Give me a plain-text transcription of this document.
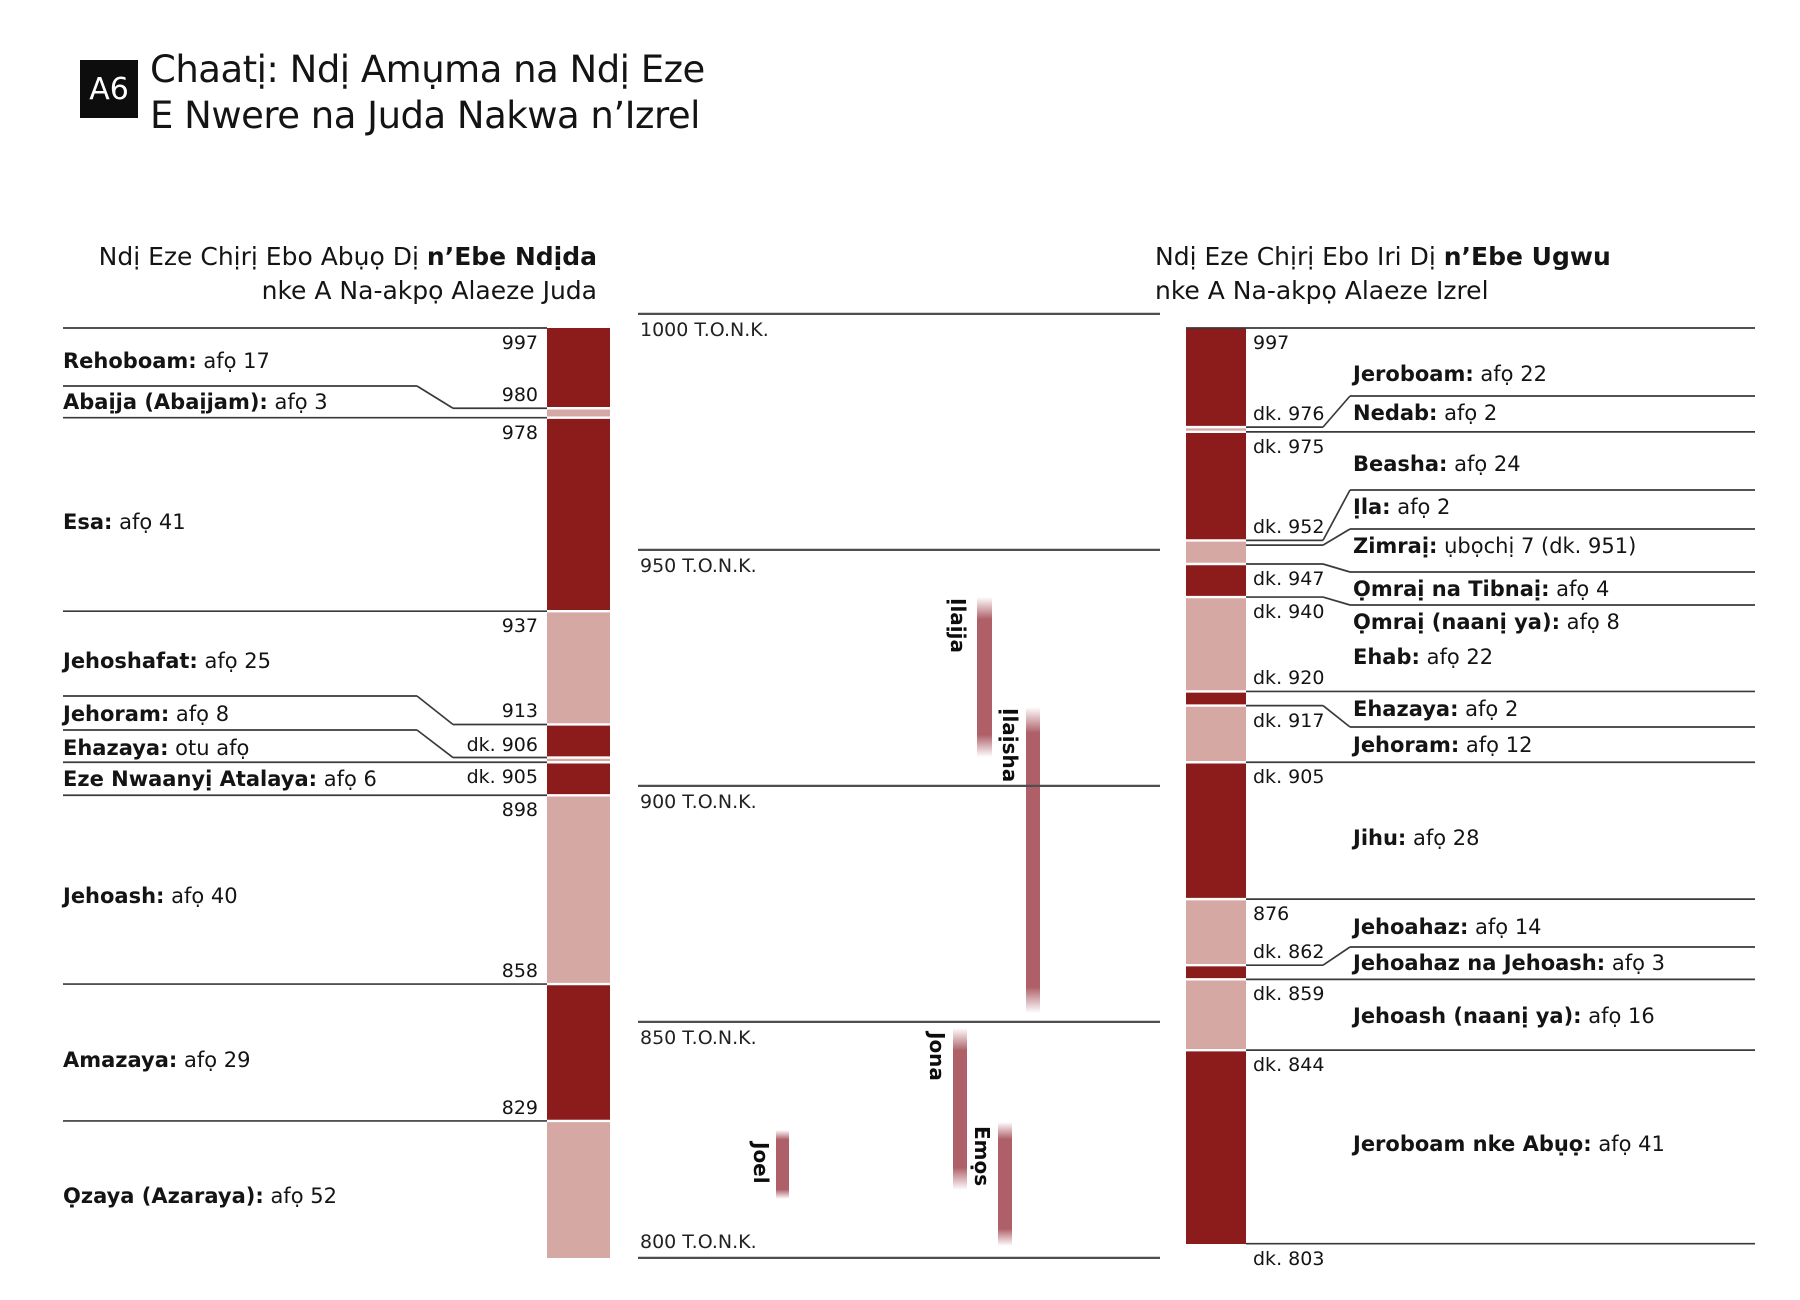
A6 Chaatị: Ndị Amụma na Ndị Eze
E Nwere na Juda Nakwa n’Izrel
Ndị Eze Chịrị Ebo Abụọ Dị n’Ebe Ndịda
nke A Na-akpọ Alaeze Juda
Ndị Eze Chịrị Ebo Iri Dị n’Ebe Ugwu
nke A Na-akpọ Alaeze Izrel
Ịlaịja
Ịlaịsha
Jona
Joel	Emọs
1000 T.O.N.K.
950 T.O.N.K.
900 T.O.N.K.
850 T.O.N.K.
800 T.O.N.K.
997
Rehoboam: afọ 17
980
Abaịja (Abaịjam): afọ 3
978
Esa: afọ 41
937
Jehoshafat: afọ 25
913
Jehoram: afọ 8
dk. 906
Ehazaya: otu afọ
dk. 905
Eze Nwaanyị Atalaya: afọ 6
898
Jehoash: afọ 40
858
Amazaya: afọ 29
829
Ọzaya (Azaraya): afọ 52
997
Jeroboam: afọ 22
dk. 976 Nedab: afọ 2
dk. 975
Beasha: afọ 24
dk. 952
Ịla: afọ 2
Zimraị: ụbọchị 7 (dk. 951)
dk. 947 Ọmraị na Tibnaị: afọ 4
dk. 940 Ọmraị (naanị ya): afọ 8
Ehab: afọ 22
dk. 920
Ehazaya: afọ 2
dk. 917
Jehoram: afọ 12
dk. 905
Jihu: afọ 28
876
Jehoahaz: afọ 14
dk. 862 Jehoahaz na Jehoash: afọ 3
dk. 859
Jehoash (naanị ya): afọ 16
dk. 844
Jeroboam nke Abụọ: afọ 41
dk. 803
